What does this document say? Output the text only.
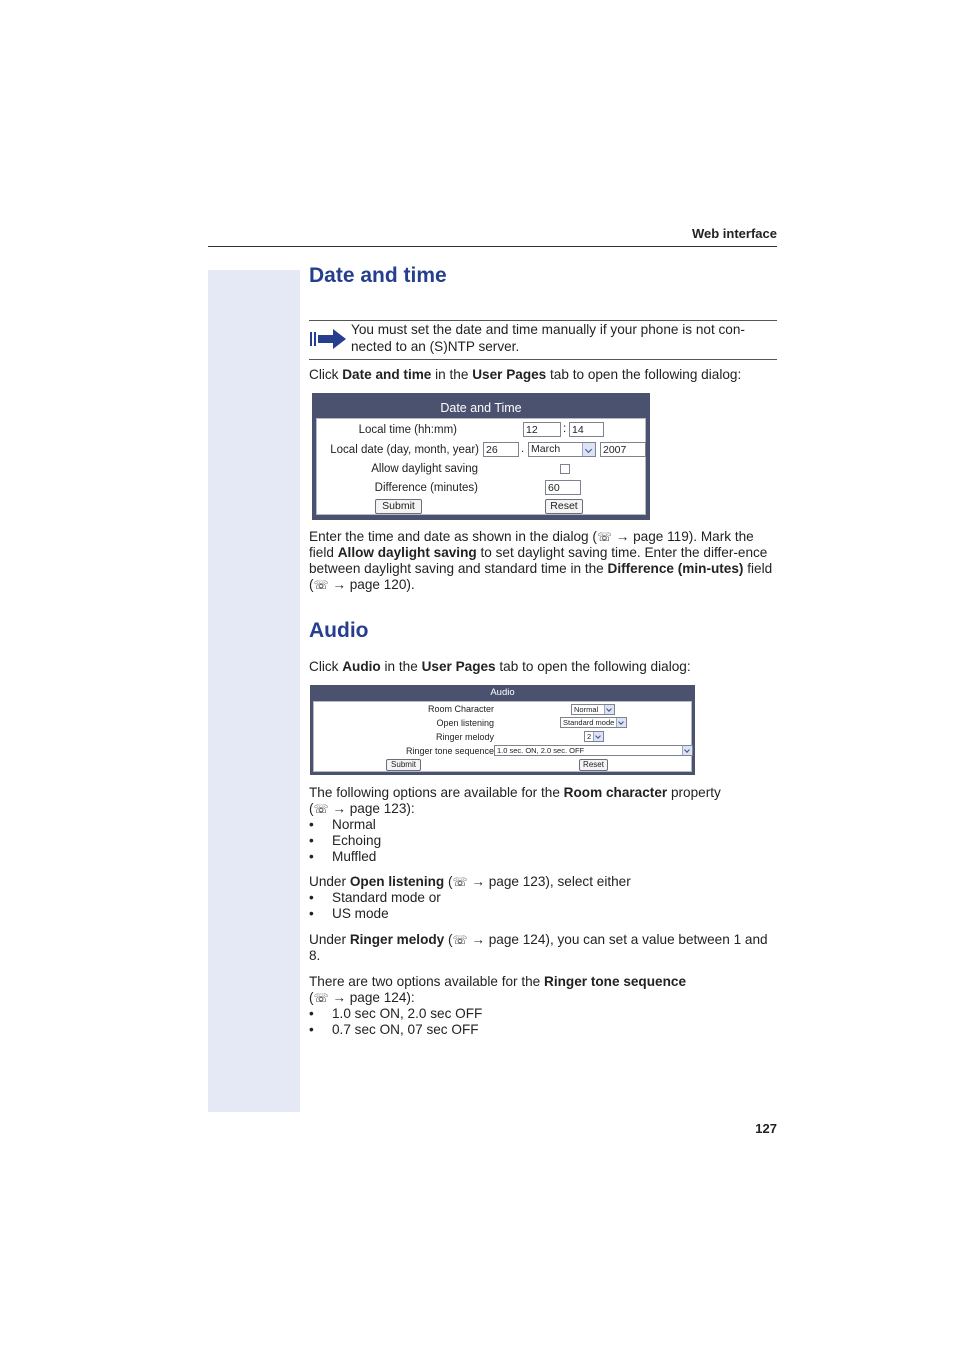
Web interface
Date and time
You must set the date and time manually if your phone is not con-nected to an (S)NTP server.
Click Date and time in the User Pages tab to open the following dialog:
Date and Time
Local time (hh:mm)	12	: 14
Local date (day, month, year) 26	. March	2007
Allow daylight saving
Difference (minutes)	60
Submit	Reset
Enter the time and date as shown in the dialog (☏ → page 119). Mark the field Allow daylight saving to set daylight saving time. Enter the differ-ence between daylight saving and standard time in the Difference (min-utes) field (☏ → page 120).
Audio
Click Audio in the User Pages tab to open the following dialog:
Audio
Room Character	Normal
Open listening	Standard mode
Ringer melody	2
Ringer tone sequence 1.0 sec. ON, 2.0 sec. OFF
Submit	Reset
The following options are available for the Room character property
(☏ → page 123):
• Normal
• Echoing
• Muffled
Under Open listening (☏ → page 123), select either
• Standard mode or
• US mode
Under Ringer melody (☏ → page 124), you can set a value between 1 and 8.
There are two options available for the Ringer tone sequence
(☏ → page 124):
• 1.0 sec ON, 2.0 sec OFF
• 0.7 sec ON, 07 sec OFF
127
